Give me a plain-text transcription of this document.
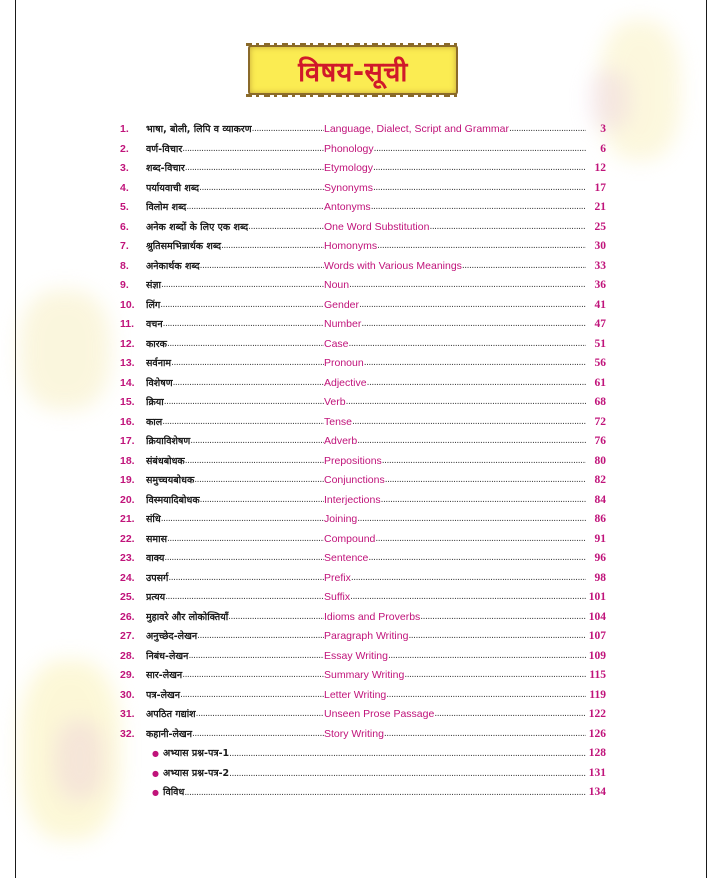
विषय-सूची
1.	भाषा, बोली, लिपि व व्याकरण .....	Language, Dialect, Script and Grammar .....	3
2.	वर्ण-विचार .....	Phonology .....	6
3.	शब्द-विचार .....	Etymology .....	12
4.	पर्यायवाची शब्द .....	Synonyms .....	17
5.	विलोम शब्द .....	Antonyms .....	21
6.	अनेक शब्दों के लिए एक शब्द .....	One Word Substitution .....	25
7.	श्रुतिसमभिन्नार्थक शब्द .....	Homonyms .....	30
8.	अनेकार्थक शब्द .....	Words with Various Meanings .....	33
9.	संज्ञा .....	Noun .....	36
10.	लिंग .....	Gender .....	41
11.	वचन .....	Number .....	47
12.	कारक .....	Case .....	51
13.	सर्वनाम .....	Pronoun .....	56
14.	विशेषण .....	Adjective .....	61
15.	क्रिया .....	Verb .....	68
16.	काल .....	Tense .....	72
17.	क्रियाविशेषण .....	Adverb .....	76
18.	संबंधबोधक .....	Prepositions .....	80
19.	समुच्चयबोधक .....	Conjunctions .....	82
20.	विस्मयादिबोधक .....	Interjections .....	84
21.	संधि .....	Joining .....	86
22.	समास .....	Compound .....	91
23.	वाक्य .....	Sentence .....	96
24.	उपसर्ग .....	Prefix .....	98
25.	प्रत्यय .....	Suffix .....	101
26.	मुहावरे और लोकोक्तियाँ .....	Idioms and Proverbs .....	104
27.	अनुच्छेद-लेखन .....	Paragraph Writing .....	107
28.	निबंध-लेखन .....	Essay Writing .....	109
29.	सार-लेखन .....	Summary Writing .....	115
30.	पत्र-लेखन .....	Letter Writing .....	119
31.	अपठित गद्यांश .....	Unseen Prose Passage .....	122
32.	कहानी-लेखन .....	Story Writing .....	126
● अभ्यास प्रश्न-पत्र-1 .....	128
● अभ्यास प्रश्न-पत्र-2 .....	131
● विविध .....	134
